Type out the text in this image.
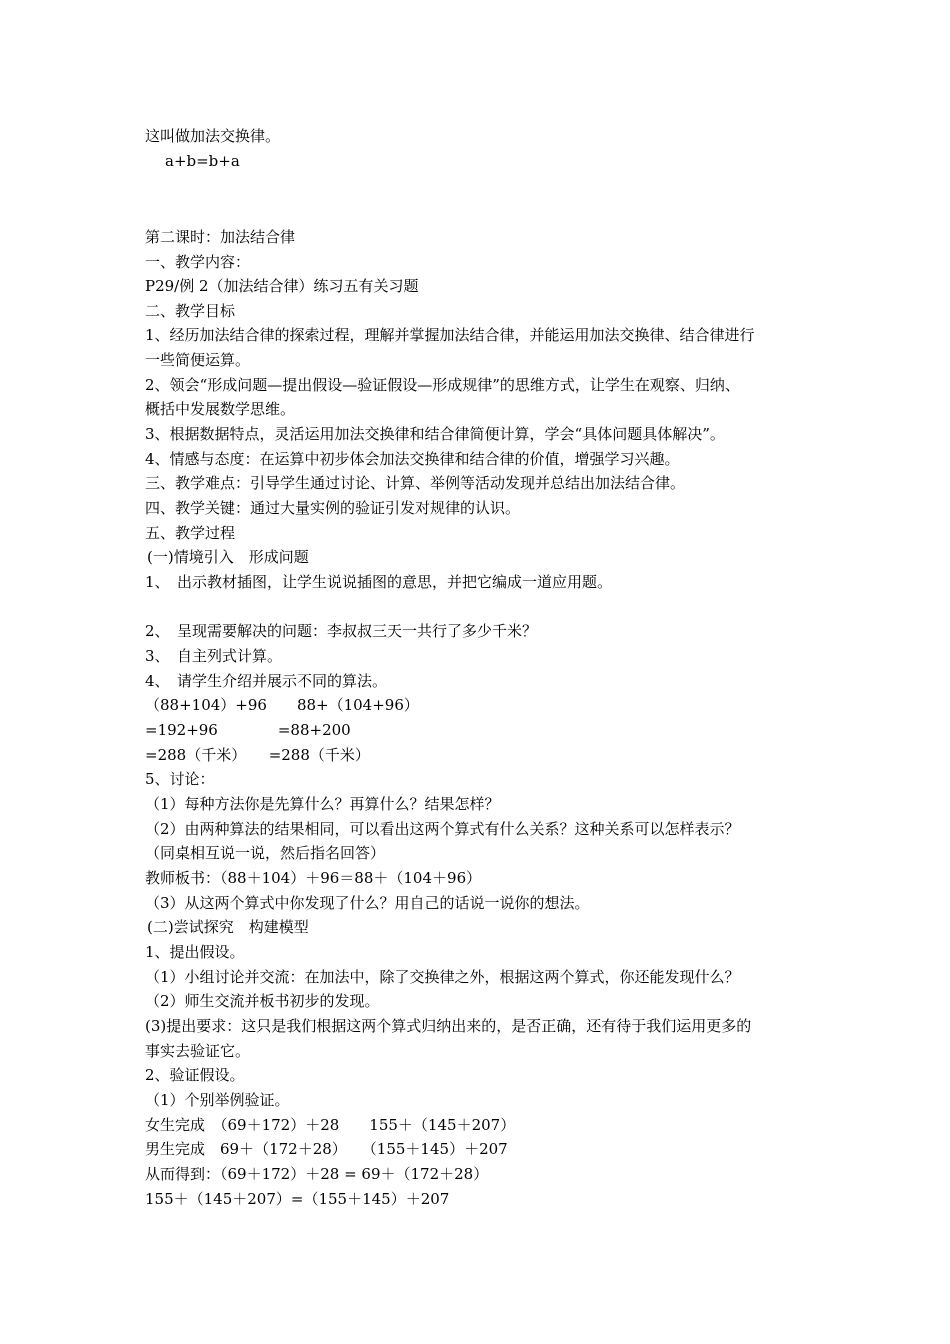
这叫做加法交换律。
a+b=b+a
第二课时：加法结合律
一、教学内容：
P29/例 2（加法结合律）练习五有关习题
二、教学目标
1、经历加法结合律的探索过程，理解并掌握加法结合律，并能运用加法交换律、结合律进行
一些简便运算。
2、领会“形成问题—提出假设—验证假设—形成规律”的思维方式，让学生在观察、归纳、
概括中发展数学思维。
3、根据数据特点，灵活运用加法交换律和结合律简便计算，学会“具体问题具体解决”。
4、情感与态度：在运算中初步体会加法交换律和结合律的价值，增强学习兴趣。
三、教学难点：引导学生通过讨论、计算、举例等活动发现并总结出加法结合律。
四、教学关键：通过大量实例的验证引发对规律的认识。
五、教学过程
(一)情境引入　形成问题
1、　出示教材插图，让学生说说插图的意思，并把它编成一道应用题。
2、　呈现需要解决的问题：李叔叔三天一共行了多少千米？
3、　自主列式计算。
4、　请学生介绍并展示不同的算法。
（88+104）+96　　88+（104+96）
=192+96　　　　=88+200
=288（千米）　　=288（千米）
5、讨论：
（1）每种方法你是先算什么？再算什么？结果怎样？
（2）由两种算法的结果相同，可以看出这两个算式有什么关系？这种关系可以怎样表示？
（同桌相互说一说，然后指名回答）
教师板书：（88＋104）＋96＝88＋（104＋96）
（3）从这两个算式中你发现了什么？用自己的话说一说你的想法。
(二)尝试探究　构建模型
1、提出假设。
（1）小组讨论并交流：在加法中，除了交换律之外，根据这两个算式，你还能发现什么？
（2）师生交流并板书初步的发现。
(3)提出要求：这只是我们根据这两个算式归纳出来的，是否正确，还有待于我们运用更多的
事实去验证它。
2、验证假设。
（1）个别举例验证。
女生完成　（69＋172）＋28　　155＋（145＋207）
男生完成　69＋（172＋28）　　（155＋145）＋207
从而得到：（69＋172）＋28 = 69＋（172＋28）
155＋（145＋207）=（155＋145）＋207
